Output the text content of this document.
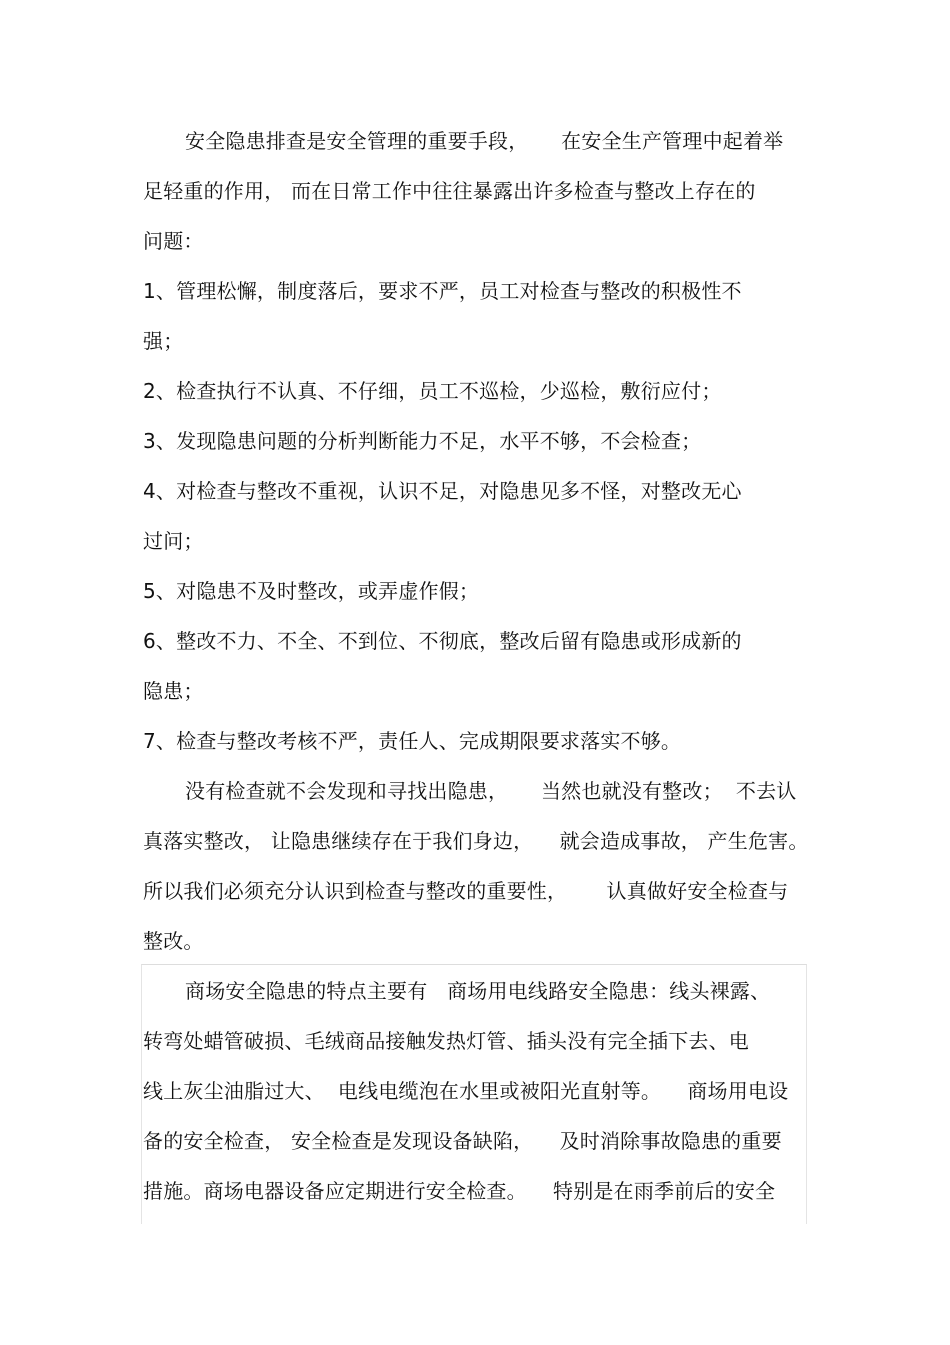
安全隐患排查是安全管理的重要手段，     在安全生产管理中起着举
足轻重的作用， 而在日常工作中往往暴露出许多检查与整改上存在的
问题：
1、管理松懈，制度落后，要求不严，员工对检查与整改的积极性不
强；
2、检查执行不认真、不仔细，员工不巡检，少巡检，敷衍应付；
3、发现隐患问题的分析判断能力不足，水平不够，不会检查；
4、对检查与整改不重视，认识不足，对隐患见多不怪，对整改无心
过问；
5、对隐患不及时整改，或弄虚作假；
6、整改不力、不全、不到位、不彻底，整改后留有隐患或形成新的
隐患；
7、检查与整改考核不严，责任人、完成期限要求落实不够。
没有检查就不会发现和寻找出隐患，     当然也就没有整改；  不去认
真落实整改， 让隐患继续存在于我们身边，    就会造成事故， 产生危害。
所以我们必须充分认识到检查与整改的重要性，      认真做好安全检查与
整改。
商场安全隐患的特点主要有   商场用电线路安全隐患：线头裸露、
转弯处蜡管破损、毛绒商品接触发热灯管、插头没有完全插下去、电
线上灰尘油脂过大、  电线电缆泡在水里或被阳光直射等。    商场用电设
备的安全检查， 安全检查是发现设备缺陷，    及时消除事故隐患的重要
措施。商场电器设备应定期进行安全检查。    特别是在雨季前后的安全
